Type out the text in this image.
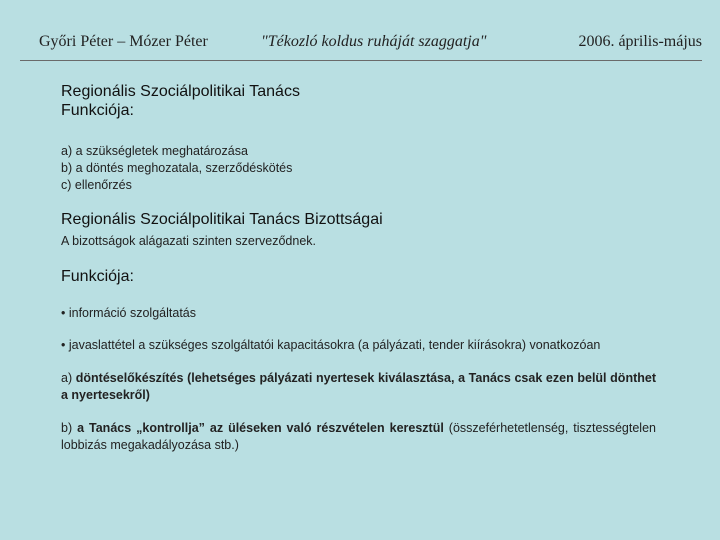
Győri Péter – Mózer Péter	"Tékozló koldus ruháját szaggatja"	2006. április-május
Regionális Szociálpolitikai Tanács
Funkciója:
a) a szükségletek meghatározása
b) a döntés meghozatala, szerződéskötés
c) ellenőrzés
Regionális Szociálpolitikai Tanács Bizottságai

A bizottságok alágazati szinten szerveződnek.

Funkciója:

• információ szolgáltatás

• javaslattétel a szükséges szolgáltatói kapacitásokra (a pályázati, tender kiírásokra) vonatkozóan

a) döntéselőkészítés (lehetséges pályázati nyertesek kiválasztása, a Tanács csak ezen belül dönthet a nyertesekről)

b) a Tanács „kontrollja” az üléseken való részvételen keresztül (összeférhetetlenség, tisztességtelen lobbizás megakadályozása stb.)
